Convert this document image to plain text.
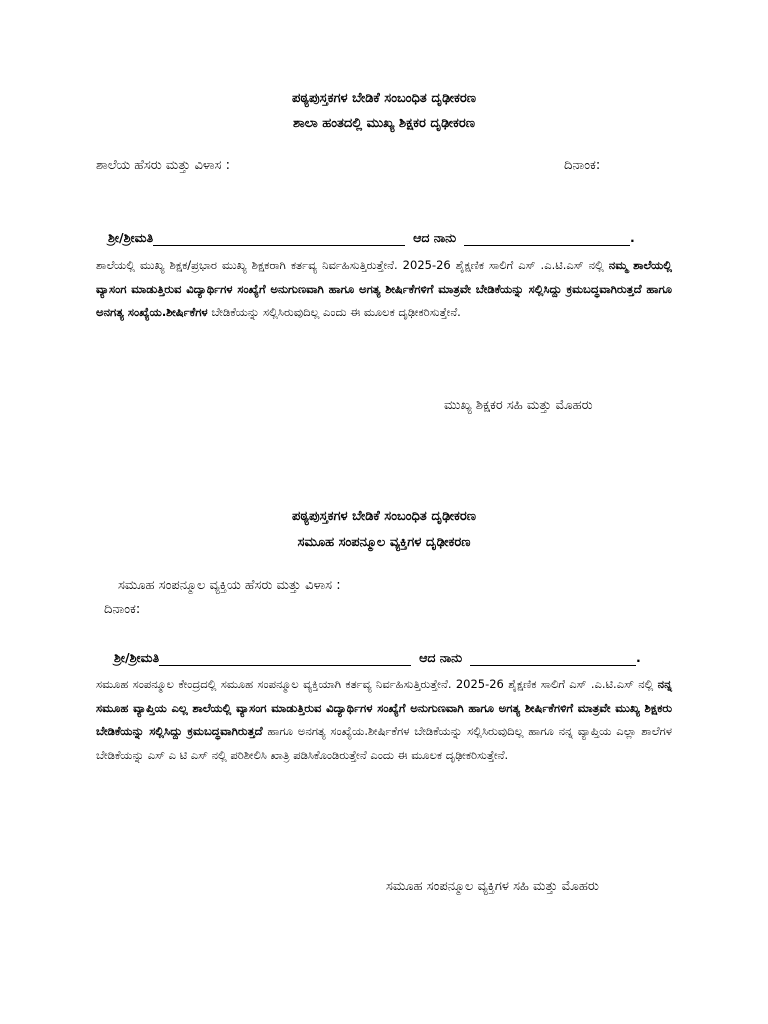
ಪಠ್ಯಪುಸ್ತಕಗಳ ಬೇಡಿಕೆ ಸಂಬಂಧಿತ ದೃಢೀಕರಣ
ಶಾಲಾ ಹಂತದಲ್ಲಿ ಮುಖ್ಯ ಶಿಕ್ಷಕರ ದೃಢೀಕರಣ
ಶಾಲೆಯ ಹೆಸರು ಮತ್ತು ವಿಳಾಸ :	ದಿನಾಂಕ:
ಶ್ರೀ/ಶ್ರೀಮತಿ	ಆದ ನಾನು	.
ಶಾಲೆಯಲ್ಲಿ ಮುಖ್ಯ ಶಿಕ್ಷಕ/ಪ್ರಭಾರ ಮುಖ್ಯ ಶಿಕ್ಷಕರಾಗಿ ಕರ್ತವ್ಯ ನಿರ್ವಹಿಸುತ್ತಿರುತ್ತೇನೆ. 2025-26 ಶೈಕ್ಷಣಿಕ ಸಾಲಿಗೆ ಎಸ್ .ಎ.ಟಿ.ಎಸ್ ನಲ್ಲಿ ನಮ್ಮ ಶಾಲೆಯಲ್ಲಿ ವ್ಯಾಸಂಗ ಮಾಡುತ್ತಿರುವ ವಿದ್ಯಾರ್ಥಿಗಳ ಸಂಖ್ಯೆಗೆ ಅನುಗುಣವಾಗಿ ಹಾಗೂ ಅಗತ್ಯ ಶೀರ್ಷಿಕೆಗಳಿಗೆ ಮಾತ್ರವೇ ಬೇಡಿಕೆಯನ್ನು ಸಲ್ಲಿಸಿದ್ದು ಕ್ರಮಬದ್ಧವಾಗಿರುತ್ತದೆ ಹಾಗೂ ಅನಗತ್ಯ ಸಂಖ್ಯೆಯ.ಶೀರ್ಷಿಕೆಗಳ ಬೇಡಿಕೆಯನ್ನು ಸಲ್ಲಿಸಿರುವುದಿಲ್ಲ ಎಂದು ಈ ಮೂಲಕ ದೃಢೀಕರಿಸುತ್ತೇನೆ.
ಮುಖ್ಯ ಶಿಕ್ಷಕರ ಸಹಿ ಮತ್ತು ಮೊಹರು
ಪಠ್ಯಪುಸ್ತಕಗಳ ಬೇಡಿಕೆ ಸಂಬಂಧಿತ ದೃಢೀಕರಣ
ಸಮೂಹ ಸಂಪನ್ಮೂಲ ವ್ಯಕ್ತಿಗಳ ದೃಢೀಕರಣ
ಸಮೂಹ ಸಂಪನ್ಮೂಲ ವ್ಯಕ್ತಿಯ ಹೆಸರು ಮತ್ತು ವಿಳಾಸ :
ದಿನಾಂಕ:
ಶ್ರೀ/ಶ್ರೀಮತಿ	ಆದ ನಾನು	.
ಸಮೂಹ ಸಂಪನ್ಮೂಲ ಕೇಂದ್ರದಲ್ಲಿ ಸಮೂಹ ಸಂಪನ್ಮೂಲ ವ್ಯಕ್ತಿಯಾಗಿ ಕರ್ತವ್ಯ ನಿರ್ವಹಿಸುತ್ತಿರುತ್ತೇನೆ. 2025-26 ಶೈಕ್ಷಣಿಕ ಸಾಲಿಗೆ ಎಸ್ .ಎ.ಟಿ.ಎಸ್ ನಲ್ಲಿ ನನ್ನ ಸಮೂಹ ವ್ಯಾಪ್ತಿಯ ಎಲ್ಲ ಶಾಲೆಯಲ್ಲಿ ವ್ಯಾಸಂಗ ಮಾಡುತ್ತಿರುವ ವಿದ್ಯಾರ್ಥಿಗಳ ಸಂಖ್ಯೆಗೆ ಅನುಗುಣವಾಗಿ ಹಾಗೂ ಅಗತ್ಯ ಶೀರ್ಷಿಕೆಗಳಿಗೆ ಮಾತ್ರವೇ ಮುಖ್ಯ ಶಿಕ್ಷಕರು ಬೇಡಿಕೆಯನ್ನು ಸಲ್ಲಿಸಿದ್ದು ಕ್ರಮಬದ್ಧವಾಗಿರುತ್ತದೆ ಹಾಗೂ ಅನಗತ್ಯ ಸಂಖ್ಯೆಯ.ಶೀರ್ಷಿಕೆಗಳ ಬೇಡಿಕೆಯನ್ನು ಸಲ್ಲಿಸಿರುವುದಿಲ್ಲ ಹಾಗೂ ನನ್ನ ವ್ಯಾಪ್ತಿಯ ಎಲ್ಲಾ ಶಾಲೆಗಳ ಬೇಡಿಕೆಯನ್ನು ಎಸ್ ಎ ಟಿ ಎಸ್ ನಲ್ಲಿ ಪರಿಶೀಲಿಸಿ ಖಾತ್ರಿ ಪಡಿಸಿಕೊಂಡಿರುತ್ತೇನೆ ಎಂದು ಈ ಮೂಲಕ ದೃಢೀಕರಿಸುತ್ತೇನೆ.
ಸಮೂಹ ಸಂಪನ್ಮೂಲ ವ್ಯಕ್ತಿಗಳ ಸಹಿ ಮತ್ತು ಮೊಹರು
